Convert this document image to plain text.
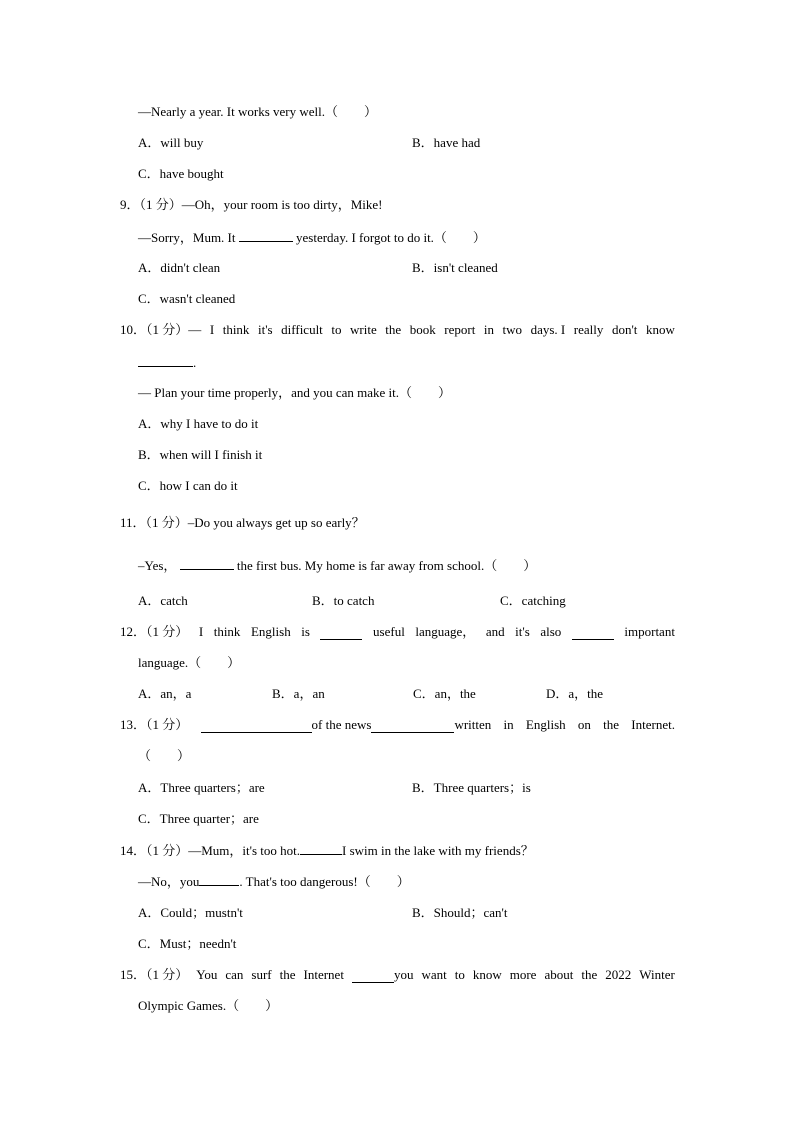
—Nearly a year. It works very well.（　　）
A．will buy	B．have had
C．have bought
9．（1 分）—Oh，your room is too dirty，Mike!
—Sorry，Mum. It	yesterday. I forgot to do it.（　　）
A．didn't clean	B．isn't cleaned
C．wasn't cleaned
10．（1 分）— I think it's difficult to write the book report in two days. I really don't know
.
— Plan your time properly，and you can make it.（　　）
A．why I have to do it
B．when will I finish it
C．how I can do it
11．（1 分）–Do you always get up so early？
–Yes，	the first bus. My home is far away from school.（　　）
A．catch	B．to catch	C．catching
12．（1 分） I think English is	useful language， and it's also	important
language.（　　）
A．an，a	B．a，an	C．an，the	D．a，the
13．（1 分）	of the news	written in English on the Internet.
（　　）
A．Three quarters；are	B．Three quarters；is
C．Three quarter；are
14．（1 分）—Mum，it's too hot.	I swim in the lake with my friends？
—No，you	. That's too dangerous!（　　）
A．Could；mustn't	B．Should；can't
C．Must；needn't
15．（1 分） You can surf the Internet	you want to know more about the 2022 Winter
Olympic Games.（　　）
